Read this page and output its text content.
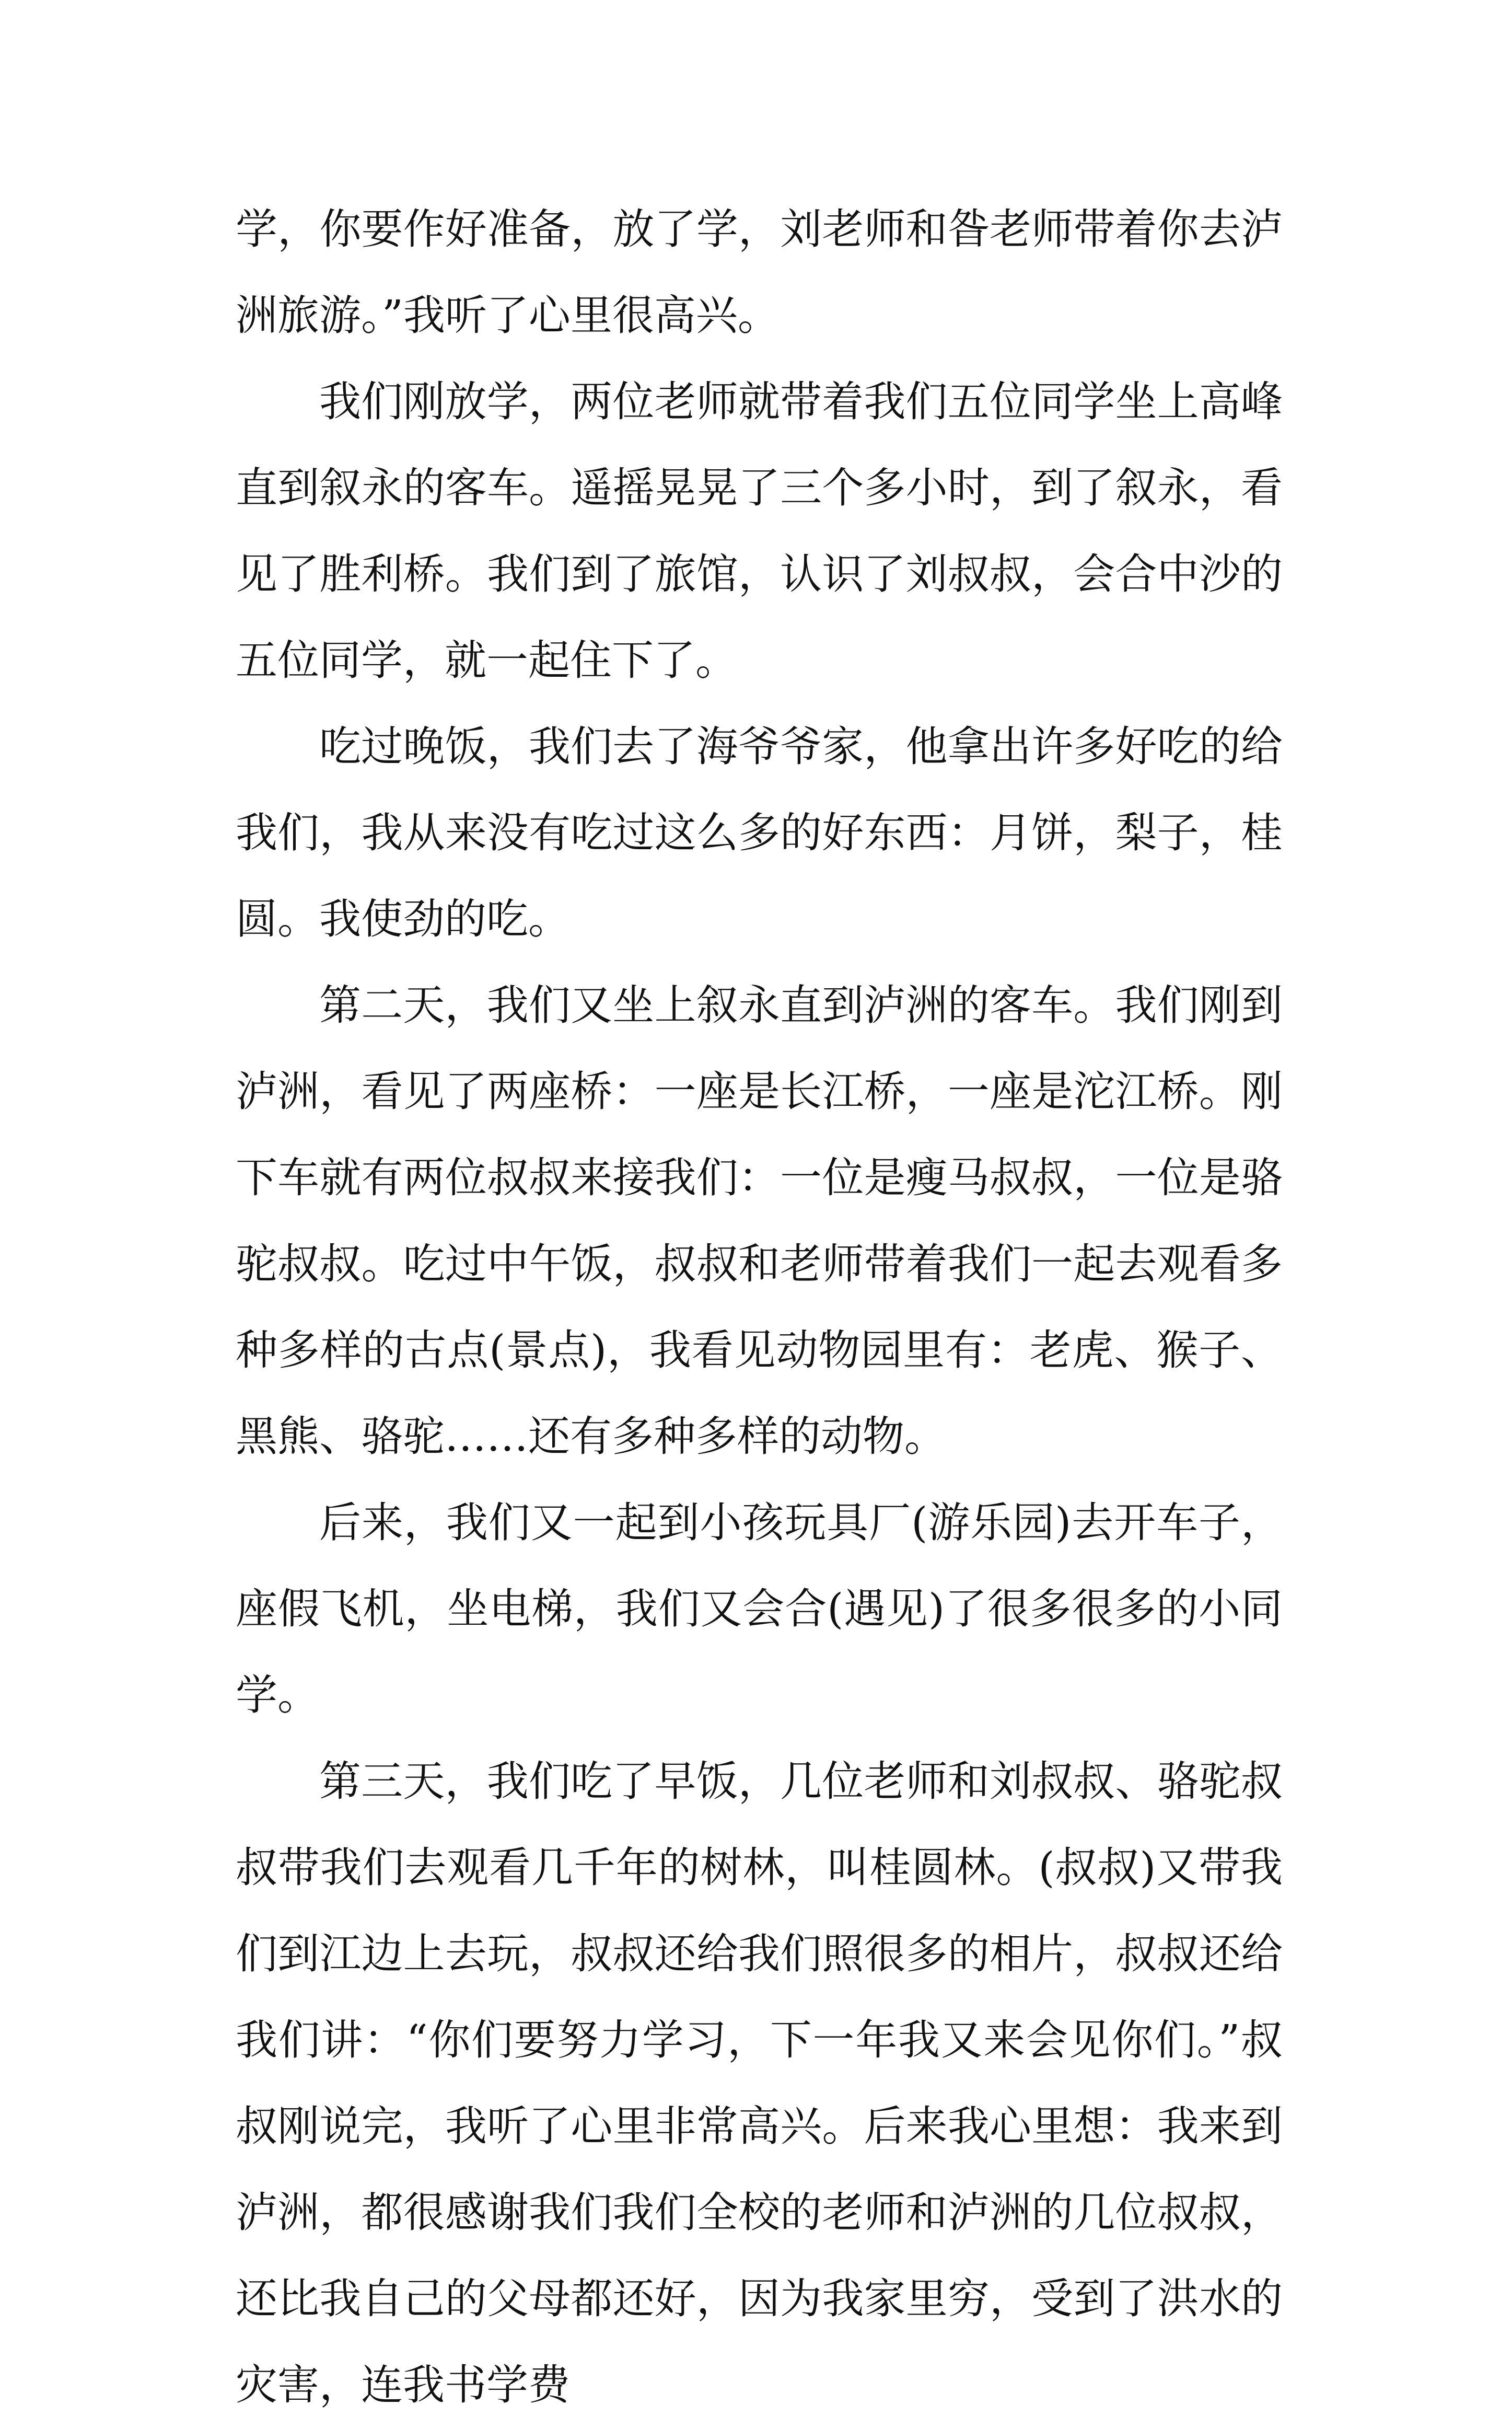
学，你要作好准备，放了学，刘老师和昝老师带着你去泸洲旅游。”我听了心里很高兴。

我们刚放学，两位老师就带着我们五位同学坐上高峰直到叙永的客车。遥摇晃晃了三个多小时，到了叙永，看见了胜利桥。我们到了旅馆，认识了刘叔叔，会合中沙的五位同学，就一起住下了。

吃过晚饭，我们去了海爷爷家，他拿出许多好吃的给我们，我从来没有吃过这么多的好东西：月饼，梨子，桂圆。我使劲的吃。

第二天，我们又坐上叙永直到泸洲的客车。我们刚到泸洲，看见了两座桥：一座是长江桥，一座是沱江桥。刚下车就有两位叔叔来接我们：一位是瘦马叔叔，一位是骆驼叔叔。吃过中午饭，叔叔和老师带着我们一起去观看多种多样的古点(景点)，我看见动物园里有：老虎、猴子、黑熊、骆驼……还有多种多样的动物。

后来，我们又一起到小孩玩具厂(游乐园)去开车子，座假飞机，坐电梯，我们又会合(遇见)了很多很多的小同学。

第三天，我们吃了早饭，几位老师和刘叔叔、骆驼叔叔带我们去观看几千年的树林，叫桂圆林。(叔叔)又带我们到江边上去玩，叔叔还给我们照很多的相片，叔叔还给我们讲：“你们要努力学习，下一年我又来会见你们。”叔叔刚说完，我听了心里非常高兴。后来我心里想：我来到泸洲，都很感谢我们我们全校的老师和泸洲的几位叔叔，还比我自己的父母都还好，因为我家里穷，受到了洪水的灾害，连我书学费
